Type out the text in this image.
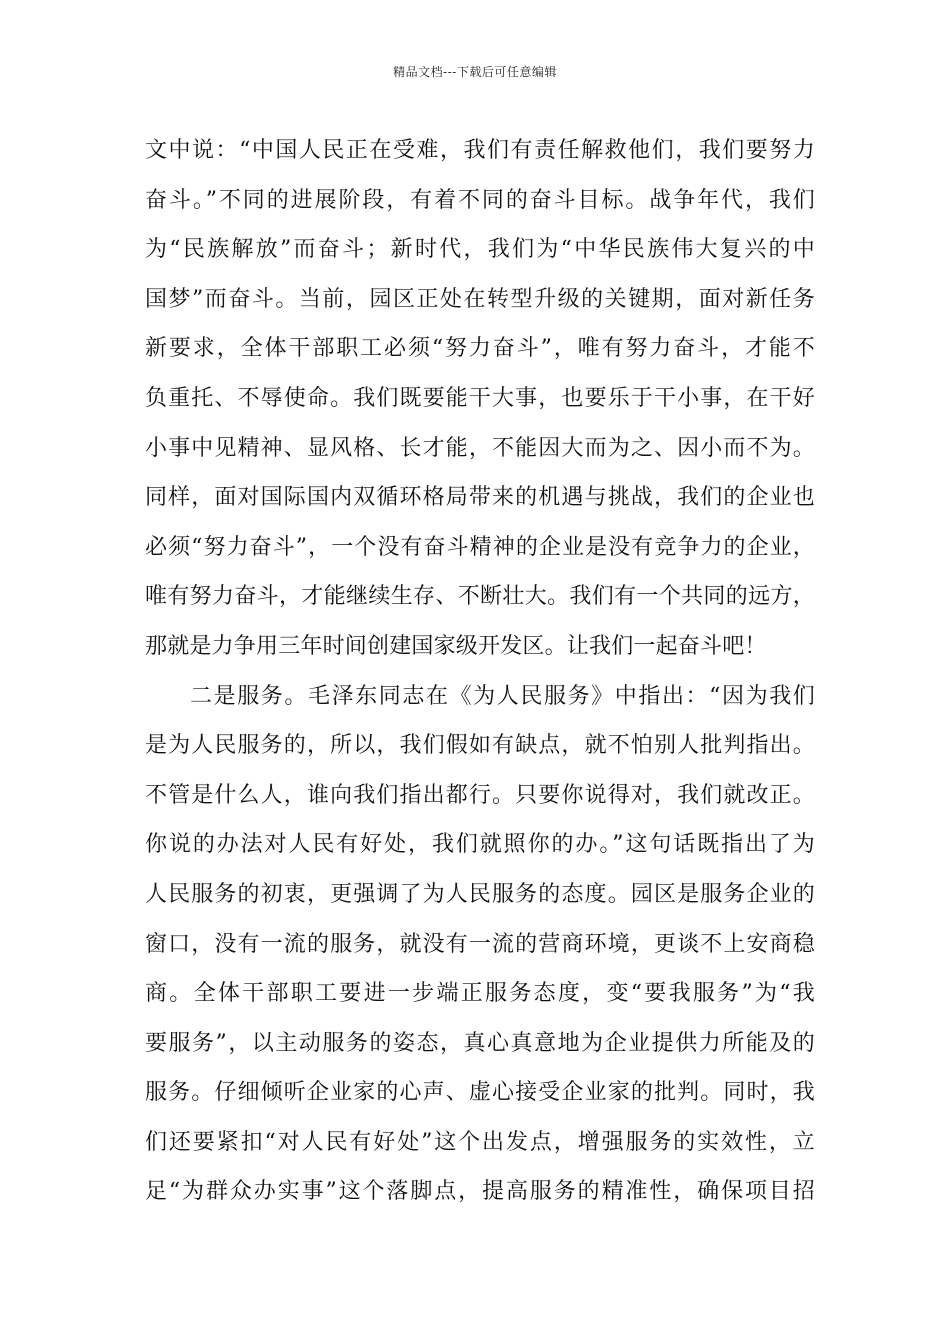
精品文档---下载后可任意编辑
文中说：“中国人民正在受难，我们有责任解救他们，我们要努力
奋斗。”不同的进展阶段，有着不同的奋斗目标。战争年代，我们
为“民族解放”而奋斗；新时代，我们为“中华民族伟大复兴的中
国梦”而奋斗。当前，园区正处在转型升级的关键期，面对新任务
新要求，全体干部职工必须“努力奋斗”，唯有努力奋斗，才能不
负重托、不辱使命。我们既要能干大事，也要乐于干小事，在干好
小事中见精神、显风格、长才能，不能因大而为之、因小而不为。
同样，面对国际国内双循环格局带来的机遇与挑战，我们的企业也
必须“努力奋斗”，一个没有奋斗精神的企业是没有竞争力的企业，
唯有努力奋斗，才能继续生存、不断壮大。我们有一个共同的远方，
那就是力争用三年时间创建国家级开发区。让我们一起奋斗吧！
二是服务。毛泽东同志在《为人民服务》中指出：“因为我们
是为人民服务的，所以，我们假如有缺点，就不怕别人批判指出。
不管是什么人，谁向我们指出都行。只要你说得对，我们就改正。
你说的办法对人民有好处，我们就照你的办。”这句话既指出了为
人民服务的初衷，更强调了为人民服务的态度。园区是服务企业的
窗口，没有一流的服务，就没有一流的营商环境，更谈不上安商稳
商。全体干部职工要进一步端正服务态度，变“要我服务”为“我
要服务”，以主动服务的姿态，真心真意地为企业提供力所能及的
服务。仔细倾听企业家的心声、虚心接受企业家的批判。同时，我
们还要紧扣“对人民有好处”这个出发点，增强服务的实效性，立
足“为群众办实事”这个落脚点，提高服务的精准性，确保项目招
